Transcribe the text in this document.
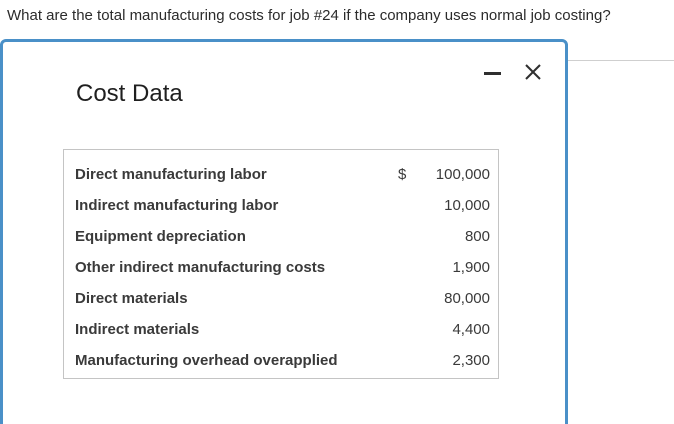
What are the total manufacturing costs for job #24 if the company uses normal job costing?
Cost Data
Direct manufacturing labor	$ 100,000
Indirect manufacturing labor	10,000
Equipment depreciation	800
Other indirect manufacturing costs	1,900
Direct materials	80,000
Indirect materials	4,400
Manufacturing overhead overapplied	2,300
